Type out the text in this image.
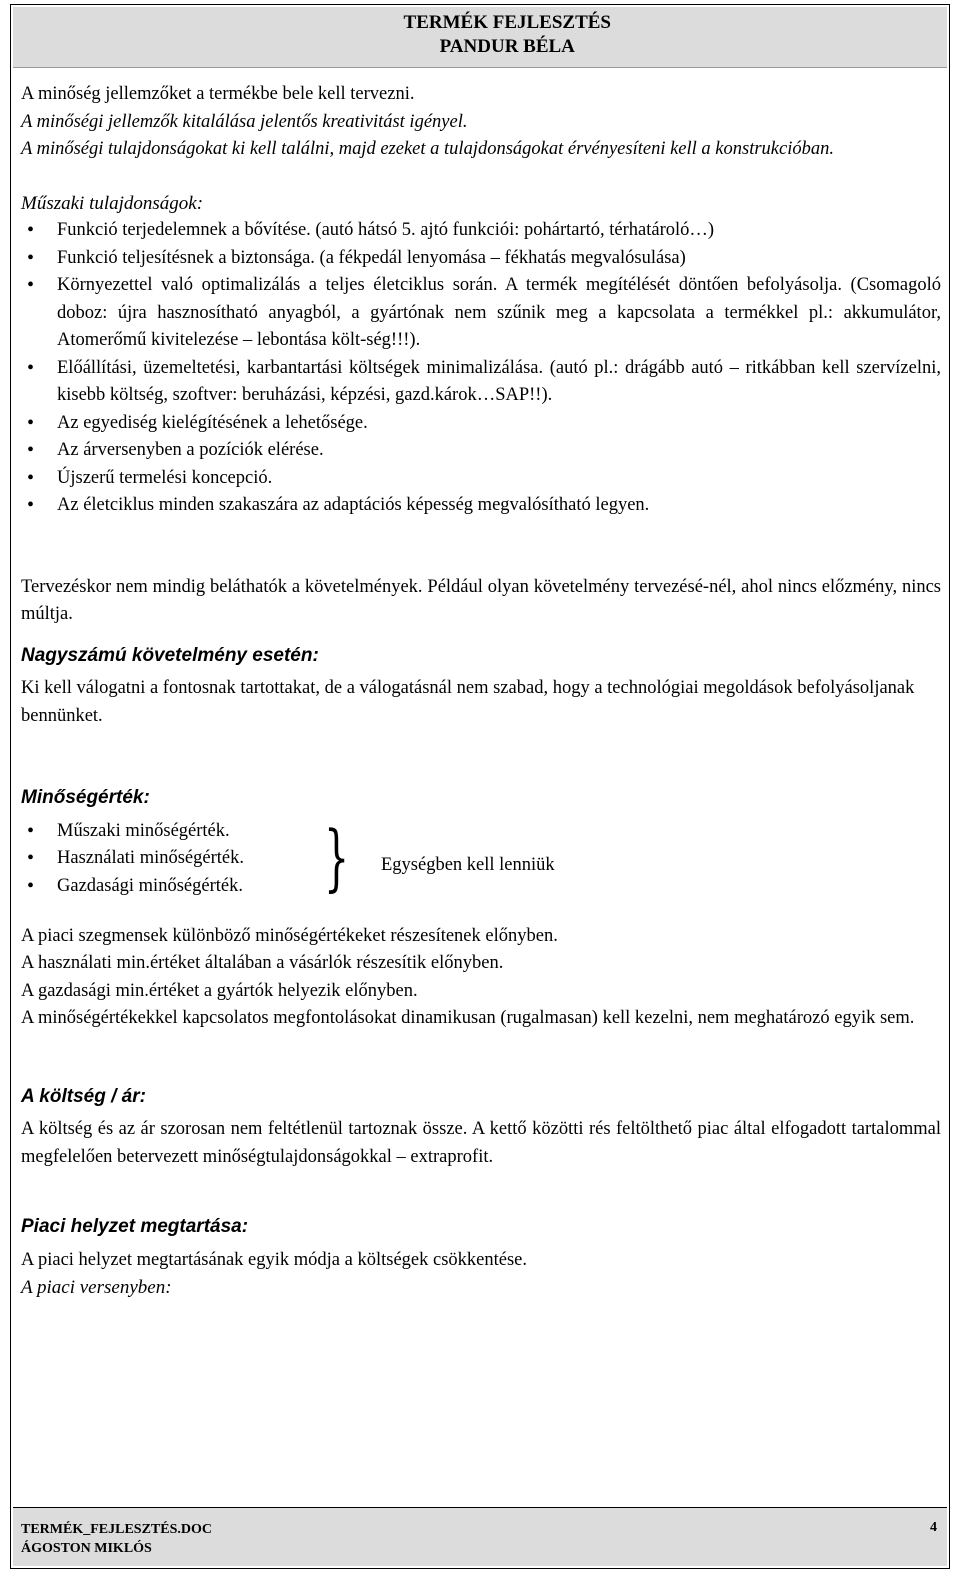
TERMÉK FEJLESZTÉS
PANDUR BÉLA

A minőség jellemzőket a termékbe bele kell tervezni.

A minőségi jellemzők kitalálása jelentős kreativitást igényel.

A minőségi tulajdonságokat ki kell találni, majd ezeket a tulajdonságokat érvényesíteni kell a konstrukcióban.

Műszaki tulajdonságok:

• Funkció terjedelemnek a bővítése. (autó hátsó 5. ajtó funkciói: pohártartó, térhatároló…)
• Funkció teljesítésnek a biztonsága. (a fékpedál lenyomása – fékhatás megvalósulása)
• Környezettel való optimalizálás a teljes életciklus során. A termék megítélését döntően befolyásolja. (Csomagoló doboz: újra hasznosítható anyagból, a gyártónak nem szűnik meg a kapcsolata a termékkel pl.: akkumulátor, Atomerőmű kivitelezése – lebontása költ-ség!!!).
• Előállítási, üzemeltetési, karbantartási költségek minimalizálása. (autó pl.: drágább autó – ritkábban kell szervízelni, kisebb költség, szoftver: beruházási, képzési, gazd.károk…SAP!!).
• Az egyediség kielégítésének a lehetősége.
• Az árversenyben a pozíciók elérése.
• Újszerű termelési koncepció.
• Az életciklus minden szakaszára az adaptációs képesség megvalósítható legyen.

Tervezéskor nem mindig beláthatók a követelmények. Például olyan követelmény tervezésé-nél, ahol nincs előzmény, nincs múltja.

Nagyszámú követelmény esetén:

Ki kell válogatni a fontosnak tartottakat, de a válogatásnál nem szabad, hogy a technológiai megoldások befolyásoljanak bennünket.

Minőségérték:

• Műszaki minőségérték.
• Használati minőségérték.
• Gazdasági minőségérték. } Egységben kell lenniük

A piaci szegmensek különböző minőségértékeket részesítenek előnyben.

A használati min.értéket általában a vásárlók részesítik előnyben.

A gazdasági min.értéket a gyártók helyezik előnyben.

A minőségértékekkel kapcsolatos megfontolásokat dinamikusan (rugalmasan) kell kezelni, nem meghatározó egyik sem.

A költség / ár:

A költség és az ár szorosan nem feltétlenül tartoznak össze. A kettő közötti rés feltölthető piac által elfogadott tartalommal megfelelően betervezett minőségtulajdonságokkal – extraprofit.

Piaci helyzet megtartása:

A piaci helyzet megtartásának egyik módja a költségek csökkentése.

A piaci versenyben:

TERMÉK_FEJLESZTÉS.DOC
ÁGOSTON MIKLÓS
4
